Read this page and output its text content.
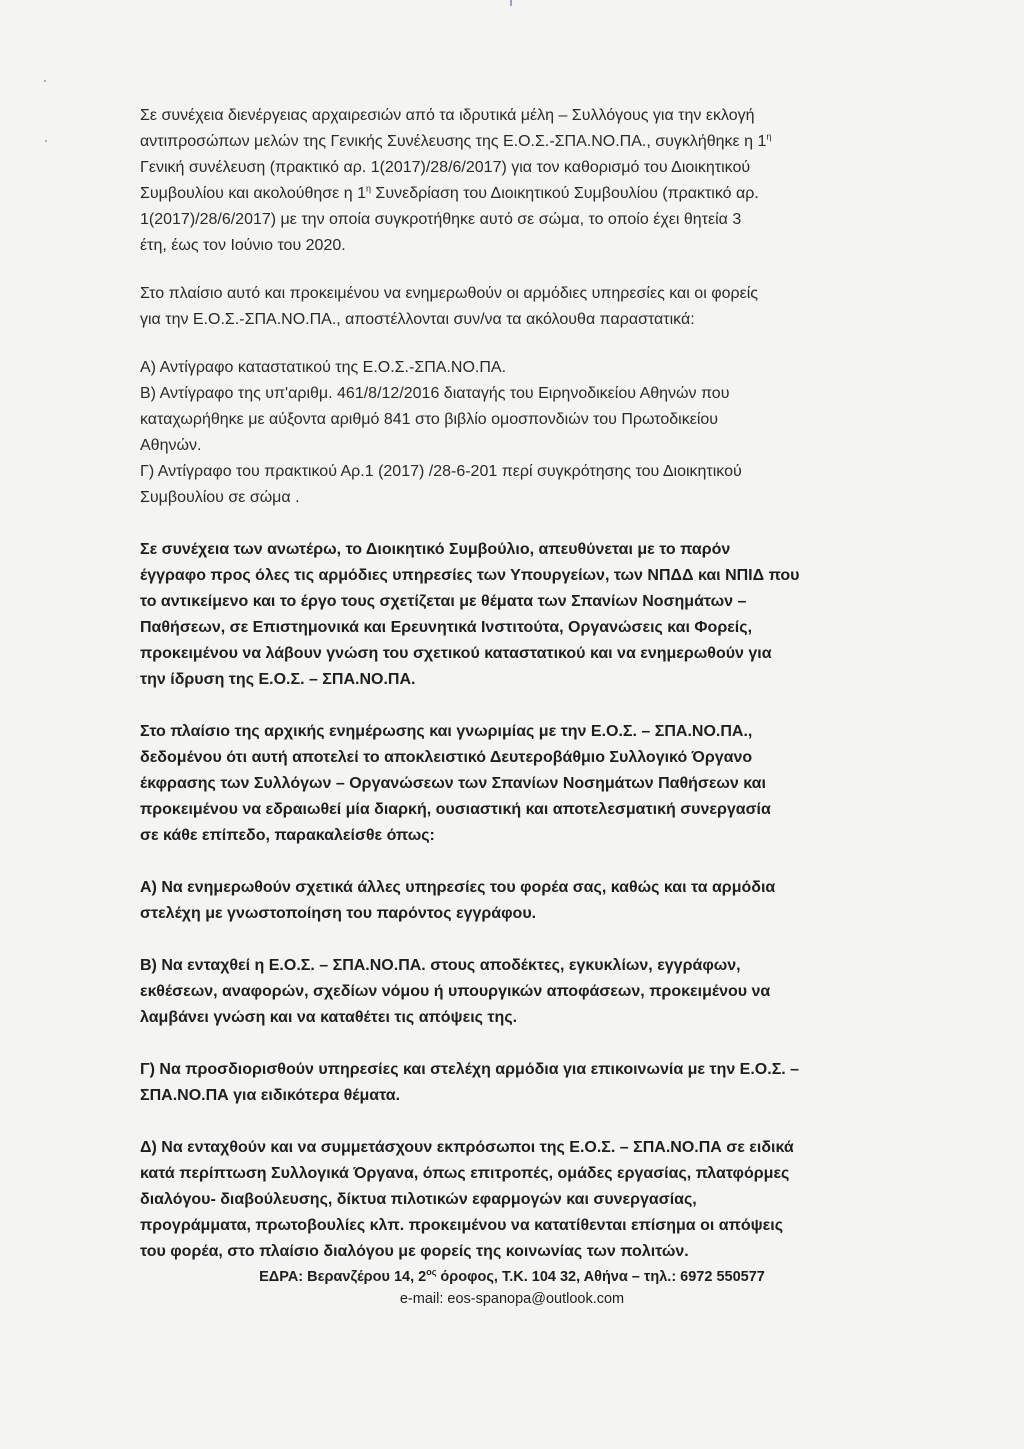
Σε συνέχεια διενέργειας αρχαιρεσιών από τα ιδρυτικά μέλη – Συλλόγους για την εκλογή

αντιπροσώπων μελών της Γενικής Συνέλευσης της Ε.Ο.Σ.-ΣΠΑ.ΝΟ.ΠΑ., συγκλήθηκε η $1^\eta$

Γενική συνέλευση (πρακτικό αρ. 1(2017)/28/6/2017) για τον καθορισμό του Διοικητικού

Συμβουλίου και ακολούθησε η $1^\eta$ Συνεδρίαση του Διοικητικού Συμβουλίου (πρακτικό αρ.

1(2017)/28/6/2017) με την οποία συγκροτήθηκε αυτό σε σώμα, το οποίο έχει θητεία 3

έτη, έως τον Ιούνιο του 2020.

Στο πλαίσιο αυτό και προκειμένου να ενημερωθούν οι αρμόδιες υπηρεσίες και οι φορείς

για την Ε.Ο.Σ.-ΣΠΑ.ΝΟ.ΠΑ., αποστέλλονται συν/να τα ακόλουθα παραστατικά:

Α) Αντίγραφο καταστατικού της Ε.Ο.Σ.-ΣΠΑ.ΝΟ.ΠΑ.

Β) Αντίγραφο της υπ'αριθμ. 461/8/12/2016 διαταγής του Ειρηνοδικείου Αθηνών που

καταχωρήθηκε με αύξοντα αριθμό 841 στο βιβλίο ομοσπονδιών του Πρωτοδικείου

Αθηνών.

Γ) Αντίγραφο του πρακτικού Αρ.1 (2017) /28-6-201 περί συγκρότησης του Διοικητικού

Συμβουλίου σε σώμα .

Σε συνέχεια των ανωτέρω, το Διοικητικό Συμβούλιο, απευθύνεται με το παρόν

έγγραφο προς όλες τις αρμόδιες υπηρεσίες των Υπουργείων, των ΝΠΔΔ και ΝΠΙΔ που

το αντικείμενο και το έργο τους σχετίζεται με θέματα των Σπανίων Νοσημάτων –

Παθήσεων, σε Επιστημονικά και Ερευνητικά Ινστιτούτα, Οργανώσεις και Φορείς,

προκειμένου να λάβουν γνώση του σχετικού καταστατικού και να ενημερωθούν για

την ίδρυση της Ε.Ο.Σ. – ΣΠΑ.ΝΟ.ΠΑ.

Στο πλαίσιο της αρχικής ενημέρωσης και γνωριμίας με την Ε.Ο.Σ. – ΣΠΑ.ΝΟ.ΠΑ.,

δεδομένου ότι αυτή αποτελεί το αποκλειστικό Δευτεροβάθμιο Συλλογικό Όργανο

έκφρασης των Συλλόγων – Οργανώσεων των Σπανίων Νοσημάτων Παθήσεων και

προκειμένου να εδραιωθεί μία διαρκή, ουσιαστική και αποτελεσματική συνεργασία

σε κάθε επίπεδο, παρακαλείσθε όπως:

Α) Να ενημερωθούν σχετικά άλλες υπηρεσίες του φορέα σας, καθώς και τα αρμόδια

στελέχη με γνωστοποίηση του παρόντος εγγράφου.

Β) Να ενταχθεί η Ε.Ο.Σ. – ΣΠΑ.ΝΟ.ΠΑ. στους αποδέκτες, εγκυκλίων, εγγράφων,

εκθέσεων, αναφορών, σχεδίων νόμου ή υπουργικών αποφάσεων, προκειμένου να

λαμβάνει γνώση και να καταθέτει τις απόψεις της.

Γ) Να προσδιορισθούν υπηρεσίες και στελέχη αρμόδια για επικοινωνία με την Ε.Ο.Σ. –

ΣΠΑ.ΝΟ.ΠΑ για ειδικότερα θέματα.

Δ) Να ενταχθούν και να συμμετάσχουν εκπρόσωποι της Ε.Ο.Σ. – ΣΠΑ.ΝΟ.ΠΑ σε ειδικά

κατά περίπτωση Συλλογικά Όργανα, όπως επιτροπές, ομάδες εργασίας, πλατφόρμες

διαλόγου- διαβούλευσης, δίκτυα πιλοτικών εφαρμογών και συνεργασίας,

προγράμματα, πρωτοβουλίες κλπ. προκειμένου να κατατίθενται επίσημα οι απόψεις

του φορέα, στο πλαίσιο διαλόγου με φορείς της κοινωνίας των πολιτών.

ΕΔΡΑ: Βερανζέρου 14, $2^{o\varsigma}$ όροφος, Τ.Κ. 104 32, Αθήνα – τηλ.: 6972 550577
e-mail: eos-spanopa@outlook.com
